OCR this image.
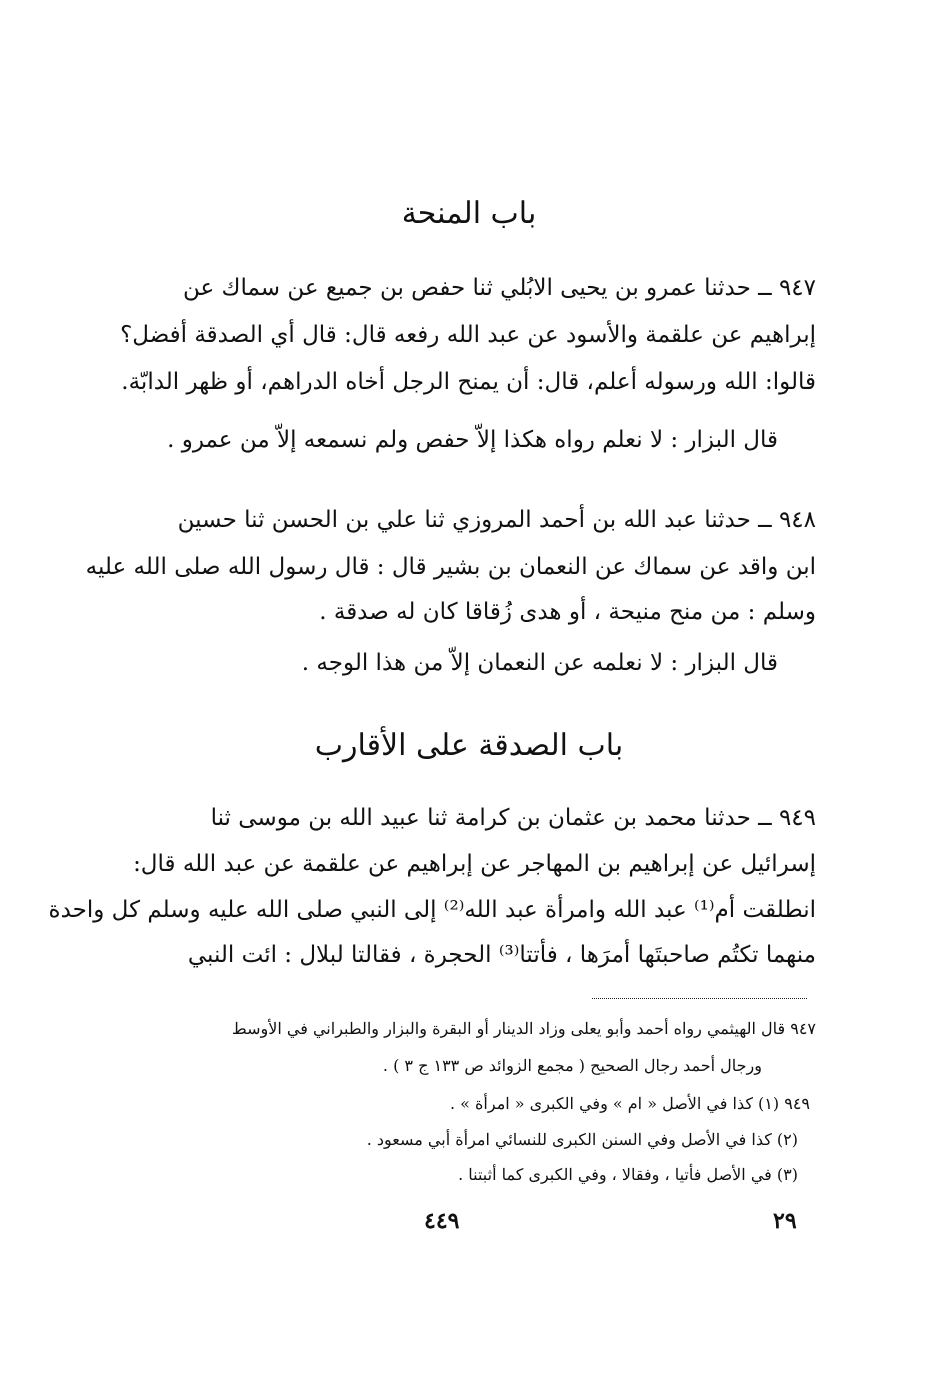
باب المنحة
٩٤٧ ــ حدثنا عمرو بن يحيى الابُلي ثنا حفص بن جميع عن سماك عن
إبراهيم عن علقمة والأسود عن عبد الله رفعه قال: قال أي الصدقة أفضل؟
قالوا: الله ورسوله أعلم، قال: أن يمنح الرجل أخاه الدراهم، أو ظهر الدابّة.
قال البزار : لا نعلم رواه هكذا إلاّ حفص ولم نسمعه إلاّ من عمرو .
٩٤٨ ــ حدثنا عبد الله بن أحمد المروزي ثنا علي بن الحسن ثنا حسين
ابن واقد عن سماك عن النعمان بن بشير قال : قال رسول الله صلى الله عليه
وسلم : من منح منيحة ، أو هدى زُقاقا كان له صدقة .
قال البزار : لا نعلمه عن النعمان إلاّ من هذا الوجه .
باب الصدقة على الأقارب
٩٤٩ ــ حدثنا محمد بن عثمان بن كرامة ثنا عبيد الله بن موسى ثنا
إسرائيل عن إبراهيم بن المهاجر عن إبراهيم عن علقمة عن عبد الله قال:
انطلقت أم⁽¹⁾ عبد الله وامرأة عبد الله⁽²⁾ إلى النبي صلى الله عليه وسلم كل واحدة
منهما تكتُم صاحبتَها أمرَها ، فأتتا⁽³⁾ الحجرة ، فقالتا لبلال : ائت النبي
٩٤٧ قال الهيثمي رواه أحمد وأبو يعلى وزاد الدينار أو البقرة والبزار والطبراني في الأوسط
ورجال أحمد رجال الصحيح ( مجمع الزوائد ص ١٣٣ ج ٣ ) .
٩٤٩ (١) كذا في الأصل « ام » وفي الكبرى « امرأة » .
(٢) كذا في الأصل وفي السنن الكبرى للنسائي امرأة أبي مسعود .
(٣) في الأصل فأتيا ، وفقالا ، وفي الكبرى كما أثبتنا .
٤٤٩	٢٩
